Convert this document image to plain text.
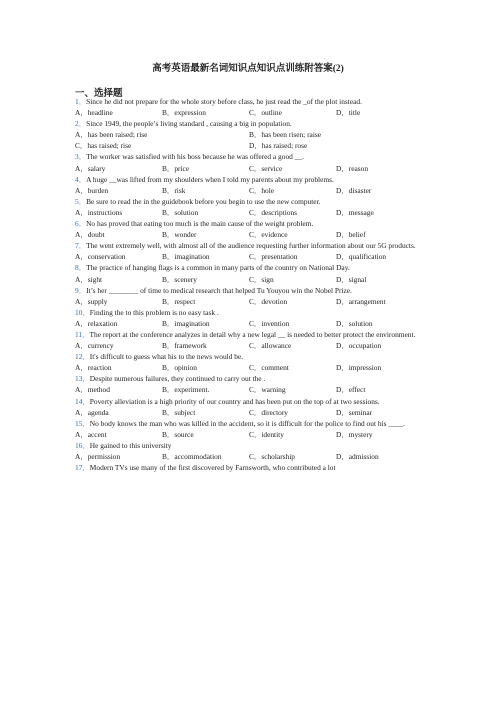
高考英语最新名词知识点知识点训练附答案(2)
一、选择题

1．Since he did not prepare for the whole story before class, he just read the _of the plot instead.

A．headline	B．expression	C．outline	D．title

2．Since 1949, the people’s living standard , causing a big in population.

A．has been raised; rise	B．has been risen; raise
C．has raised; rise	D．has raised; rose

3．The worker was satisfied with his boss because he was offered a good __.

A．salary	B．price	C．service	D．reason

4．A huge __was lifted from my shoulders when I told my parents about my problems.

A．burden	B．risk	C．hole	D．disaster

5．Be sure to read the in the guidebook before you begin to use the new computer.

A．instructions	B．solution	C．descriptions	D．message

6．No has proved that eating too much is the main cause of the weight problem.

A．doubt	B．wonder	C．evidence	D．belief

7．The went extremely well, with almost all of the audience requesting further information about our 5G products.

A．conservation	B．imagination	C．presentation	D．qualification

8．The practice of hanging flags is a common in many parts of the country on National Day.

A．sight	B．scenery	C．sign	D．signal

9．It’s her ________ of time to medical research that helped Tu Youyou win the Nobel Prize.

A．supply	B．respect	C．devotion	D．arrangement

10．Finding the to this problem is no easy task .

A．relaxation	B．imagination	C．invention	D．solution

11．The report at the conference analyzes in detail why a new legal __ is needed to better protect the environment.

A．currency	B．framework	C．allowance	D．occupation

12．It's difficult to guess what his to the news would be.

A．reaction	B．opinion	C．comment	D．impression

13．Despite numerous failures, they continued to carry out the .

A．method	B．experiment.	C．warning	D．effect

14．Poverty alleviation is a high priority of our country and has been put on the top of at two sessions.

A．agenda	B．subject	C．directory	D．seminar

15．No body knows the man who was killed in the accident, so it is difficult for the police to find out his ____.

A．accent	B．source	C．identity	D．mystery

16．He gained to this university

A．permission	B．accommodation	C．scholarship	D．admission

17．Modern TVs use many of the first discovered by Farnsworth, who contributed a lot
